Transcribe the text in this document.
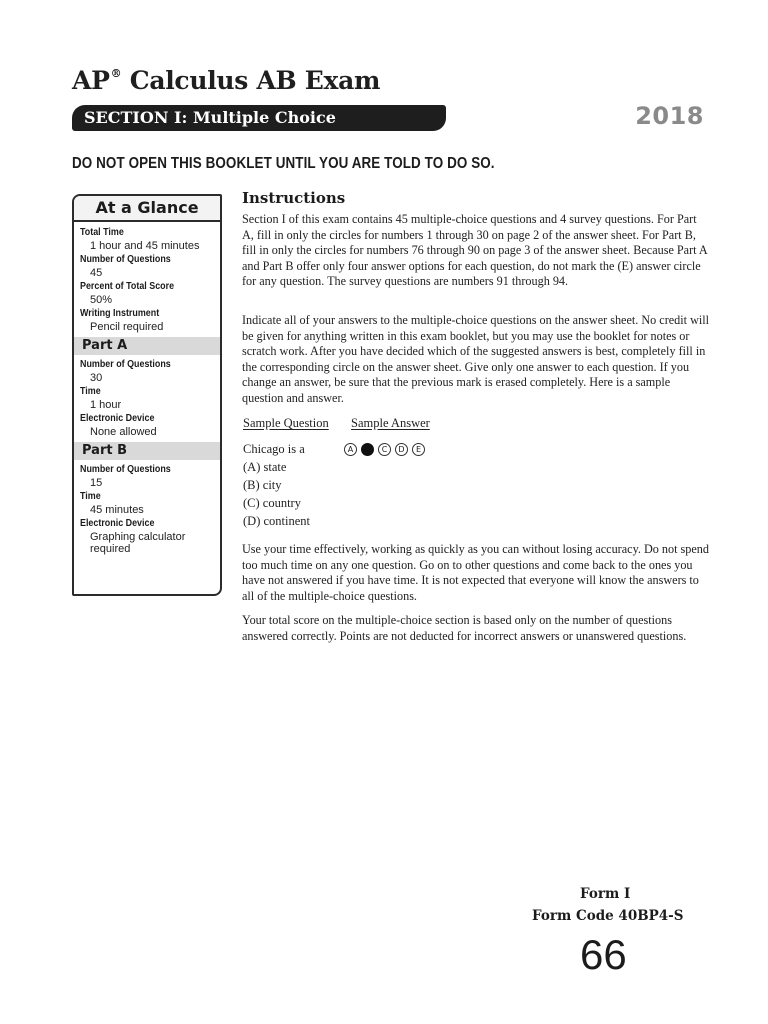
AP® Calculus AB Exam
SECTION I: Multiple Choice	2018
DO NOT OPEN THIS BOOKLET UNTIL YOU ARE TOLD TO DO SO.
At a Glance
Total Time
1 hour and 45 minutes
Number of Questions
45
Percent of Total Score
50%
Writing Instrument
Pencil required
Part A
Number of Questions
30
Time
1 hour
Electronic Device
None allowed
Part B
Number of Questions
15
Time
45 minutes
Electronic Device
Graphing calculator
required
Instructions

Section I of this exam contains 45 multiple-choice questions and 4 survey questions. For Part A, fill in only the circles for numbers 1 through 30 on page 2 of the answer sheet. For Part B, fill in only the circles for numbers 76 through 90 on page 3 of the answer sheet. Because Part A and Part B offer only four answer options for each question, do not mark the (E) answer circle for any question. The survey questions are numbers 91 through 94.

Indicate all of your answers to the multiple-choice questions on the answer sheet. No credit will be given for anything written in this exam booklet, but you may use the booklet for notes or scratch work. After you have decided which of the suggested answers is best, completely fill in the corresponding circle on the answer sheet. Give only one answer to each question. If you change an answer, be sure that the previous mark is erased completely. Here is a sample question and answer.

Sample Question Sample Answer
Chicago is a
(A) state
(B) city
(C) country
(D) continent
A	B	C	D	E

Use your time effectively, working as quickly as you can without losing accuracy. Do not spend too much time on any one question. Go on to other questions and come back to the ones you have not answered if you have time. It is not expected that everyone will know the answers to all of the multiple-choice questions.

Your total score on the multiple-choice section is based only on the number of questions answered correctly. Points are not deducted for incorrect answers or unanswered questions.

Form I
Form Code 40BP4-S
66
